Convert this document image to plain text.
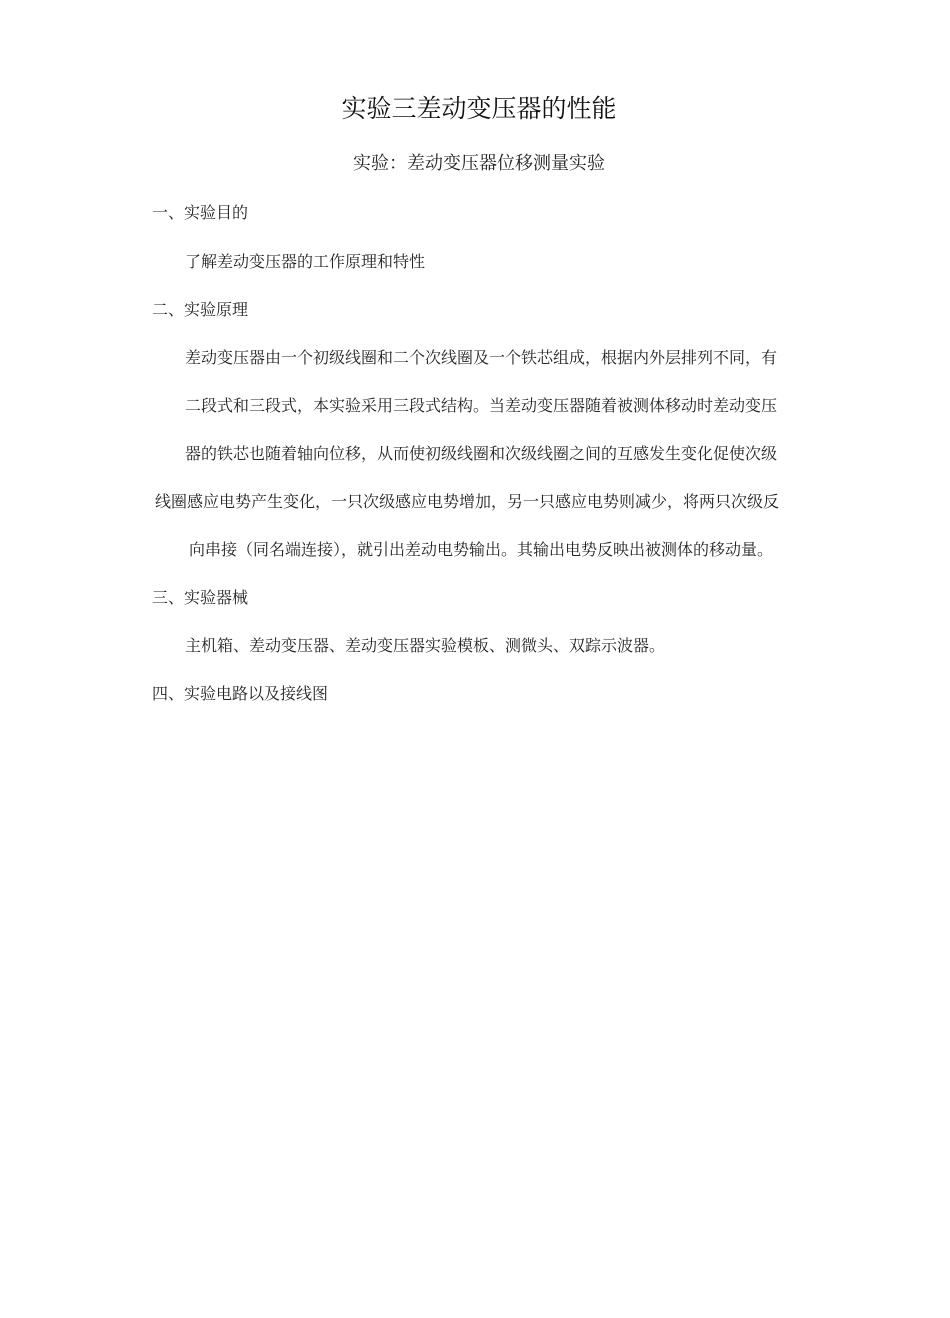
实验三差动变压器的性能
实验：差动变压器位移测量实验
一、实验目的
了解差动变压器的工作原理和特性
二、实验原理
差动变压器由一个初级线圈和二个次线圈及一个铁芯组成，根据内外层排列不同，有
二段式和三段式，本实验采用三段式结构。当差动变压器随着被测体移动时差动变压
器的铁芯也随着轴向位移，从而使初级线圈和次级线圈之间的互感发生变化促使次级
线圈感应电势产生变化，一只次级感应电势增加，另一只感应电势则减少，将两只次级反
向串接（同名端连接），就引出差动电势输出。其输出电势反映出被测体的移动量。
三、实验器械
主机箱、差动变压器、差动变压器实验模板、测微头、双踪示波器。
四、实验电路以及接线图
